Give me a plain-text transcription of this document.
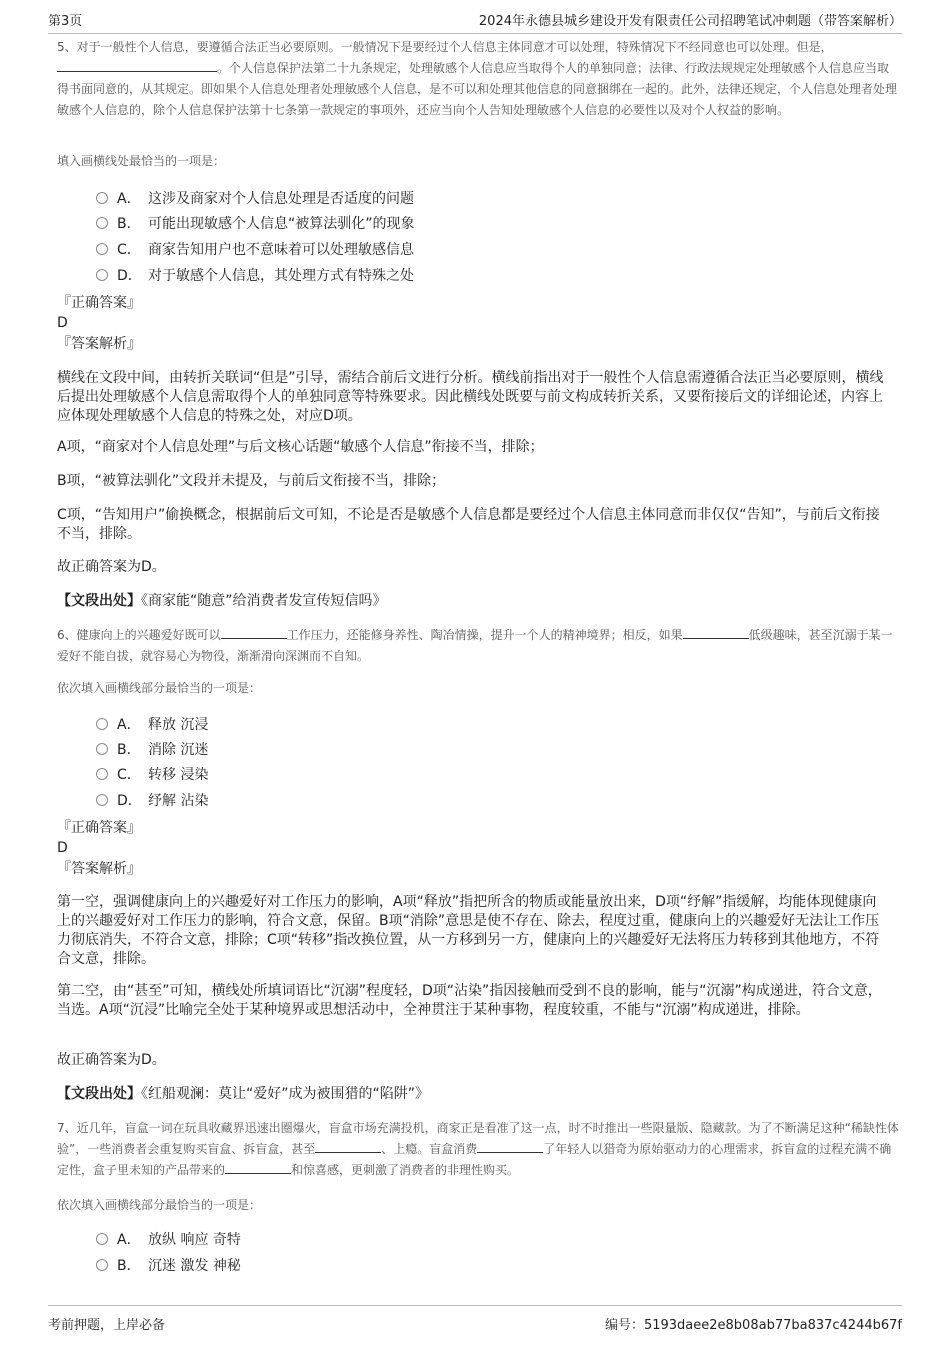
第3页	2024年永德县城乡建设开发有限责任公司招聘笔试冲刺题（带答案解析）

5、对于一般性个人信息，要遵循合法正当必要原则。一般情况下是要经过个人信息主体同意才可以处理，特殊情况下不经同意也可以处理。但是，。个人信息保护法第二十九条规定，处理敏感个人信息应当取得个人的单独同意；法律、行政法规规定处理敏感个人信息应当取得书面同意的，从其规定。即如果个人信息处理者处理敏感个人信息，是不可以和处理其他信息的同意捆绑在一起的。此外，法律还规定，个人信息处理者处理敏感个人信息的，除个人信息保护法第十七条第一款规定的事项外，还应当向个人告知处理敏感个人信息的必要性以及对个人权益的影响。

填入画横线处最恰当的一项是：
A． 这涉及商家对个人信息处理是否适度的问题
B． 可能出现敏感个人信息“被算法驯化”的现象
C． 商家告知用户也不意味着可以处理敏感信息
D． 对于敏感个人信息，其处理方式有特殊之处
『正确答案』
D
『答案解析』

横线在文段中间，由转折关联词“但是”引导，需结合前后文进行分析。横线前指出对于一般性个人信息需遵循合法正当必要原则，横线后提出处理敏感个人信息需取得个人的单独同意等特殊要求。因此横线处既要与前文构成转折关系，又要衔接后文的详细论述，内容上应体现处理敏感个人信息的特殊之处，对应D项。

A项，“商家对个人信息处理”与后文核心话题“敏感个人信息”衔接不当，排除；

B项，“被算法驯化”文段并未提及，与前后文衔接不当，排除；

C项，“告知用户”偷换概念，根据前后文可知，不论是否是敏感个人信息都是要经过个人信息主体同意而非仅仅“告知”，与前后文衔接不当，排除。

故正确答案为D。

【文段出处】《商家能“随意”给消费者发宣传短信吗》

6、健康向上的兴趣爱好既可以	工作压力，还能修身养性、陶冶情操，提升一个人的精神境界；相反，如果	低级趣味，甚至沉溺于某一爱好不能自拔，就容易心为物役，渐渐滑向深渊而不自知。

依次填入画横线部分最恰当的一项是：
A． 释放 沉浸
B． 消除 沉迷
C． 转移 浸染
D． 纾解 沾染
『正确答案』
D
『答案解析』

第一空，强调健康向上的兴趣爱好对工作压力的影响，A项“释放”指把所含的物质或能量放出来，D项“纾解”指缓解，均能体现健康向上的兴趣爱好对工作压力的影响，符合文意，保留。B项“消除”意思是使不存在、除去，程度过重，健康向上的兴趣爱好无法让工作压力彻底消失，不符合文意，排除；C项“转移”指改换位置，从一方移到另一方，健康向上的兴趣爱好无法将压力转移到其他地方，不符合文意，排除。

第二空，由“甚至”可知，横线处所填词语比“沉溺”程度轻，D项“沾染”指因接触而受到不良的影响，能与“沉溺”构成递进，符合文意，当选。A项“沉浸”比喻完全处于某种境界或思想活动中，全神贯注于某种事物，程度较重，不能与“沉溺”构成递进，排除。

故正确答案为D。

【文段出处】《红船观澜：莫让“爱好”成为被围猎的“陷阱”》

7、近几年，盲盒一词在玩具收藏界迅速出圈爆火，盲盒市场充满投机，商家正是看准了这一点，时不时推出一些限量版、隐藏款。为了不断满足这种“稀缺性体验”，一些消费者会重复购买盲盒、拆盲盒，甚至	、上瘾。盲盒消费	了年轻人以猎奇为原始驱动力的心理需求，拆盲盒的过程充满不确定性，盒子里未知的产品带来的	和惊喜感，更刺激了消费者的非理性购买。

依次填入画横线部分最恰当的一项是：
A． 放纵 响应 奇特
B． 沉迷 激发 神秘
考前押题，上岸必备	编号：5193daee2e8b08ab77ba837c4244b67f
